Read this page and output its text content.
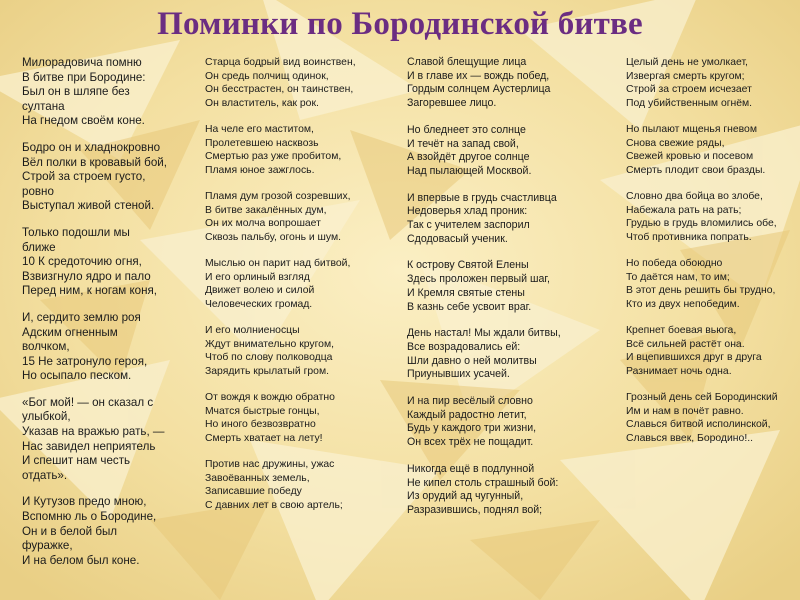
Поминки по Бородинской битве
Милорадовича помню
В битве при Бородине:
Был он в шляпе без
султана
На гнедом своём коне.
Бодро он и хладнокровно
Вёл полки в кровавый бой,
Строй за строем густо,
ровно
Выступал живой стеной.
Только подошли мы
ближе
10 К средоточию огня,
Взвизгнуло ядро и пало
Перед ним, к ногам коня,
И, сердито землю роя
Адским огненным
волчком,
15 Не затронуло героя,
Но осыпало песком.
«Бог мой! — он сказал с
улыбкой,
Указав на вражью рать, —
Нас завидел неприятель
И спешит нам честь
отдать».
И Кутузов предо мною,
Вспомню ль о Бородине,
Он и в белой был
фуражке,
И на белом был коне.
Старца бодрый вид воинствен,
Он средь полчищ одинок,
Он бесстрастен, он таинствен,
Он властитель, как рок.
На челе его маститом,
Пролетевшею насквозь
Смертью раз уже пробитом,
Пламя юное зажглось.
Пламя дум грозой созревших,
В битве закалённых дум,
Он их молча вопрошает
Сквозь пальбу, огонь и шум.
Мыслью он парит над битвой,
И его орлиный взгляд
Движет волею и силой
Человеческих громад.
И его молниеносцы
Ждут внимательно кругом,
Чтоб по слову полководца
Зарядить крылатый гром.
От вождя к вождю обратно
Мчатся быстрые гонцы,
Но иного безвозвратно
Смерть хватает на лету!
Против нас дружины, ужас
Завоёванных земель,
Записавшие победу
С давних лет в свою артель;
Славой блещущие лица
И в главе их — вождь побед,
Гордым солнцем Аустерлица
Загоревшее лицо.
Но бледнеет это солнце
И течёт на запад свой,
А взойдёт другое солнце
Над пылающей Москвой.
И впервые в грудь счастливца
Недоверья хлад проник:
Так с учителем заспорил
Сдодовасый ученик.
К острову Святой Елены
Здесь проложен первый шаг,
И Кремля святые стены
В казнь себе усвоит враг.
День настал! Мы ждали битвы,
Все возрадовались ей:
Шли давно о ней молитвы
Приунывших усачей.
И на пир весёлый словно
Каждый радостно летит,
Будь у каждого три жизни,
Он всех трёх не пощадит.
Никогда ещё в подлунной
Не кипел столь страшный бой:
Из орудий ад чугунный,
Разразившись, поднял вой;
Целый день не умолкает,
Извергая смерть кругом;
Строй за строем исчезает
Под убийственным огнём.
Но пылают мщенья гневом
Снова свежие ряды,
Свежей кровью и посевом
Смерть плодит свои бразды.
Словно два бойца во злобе,
Набежала рать на рать;
Грудью в грудь вломились обе,
Чтоб противника попрать.
Но победа обоюдно
То даётся нам, то им;
В этот день решить бы трудно,
Кто из двух непобедим.
Крепнет боевая вьюга,
Всё сильней растёт она.
И вцепившихся друг в друга
Разнимает ночь одна.
Грозный день сей Бородинский
Им и нам в почёт равно.
Славься битвой исполинской,
Славься ввек, Бородино!..
